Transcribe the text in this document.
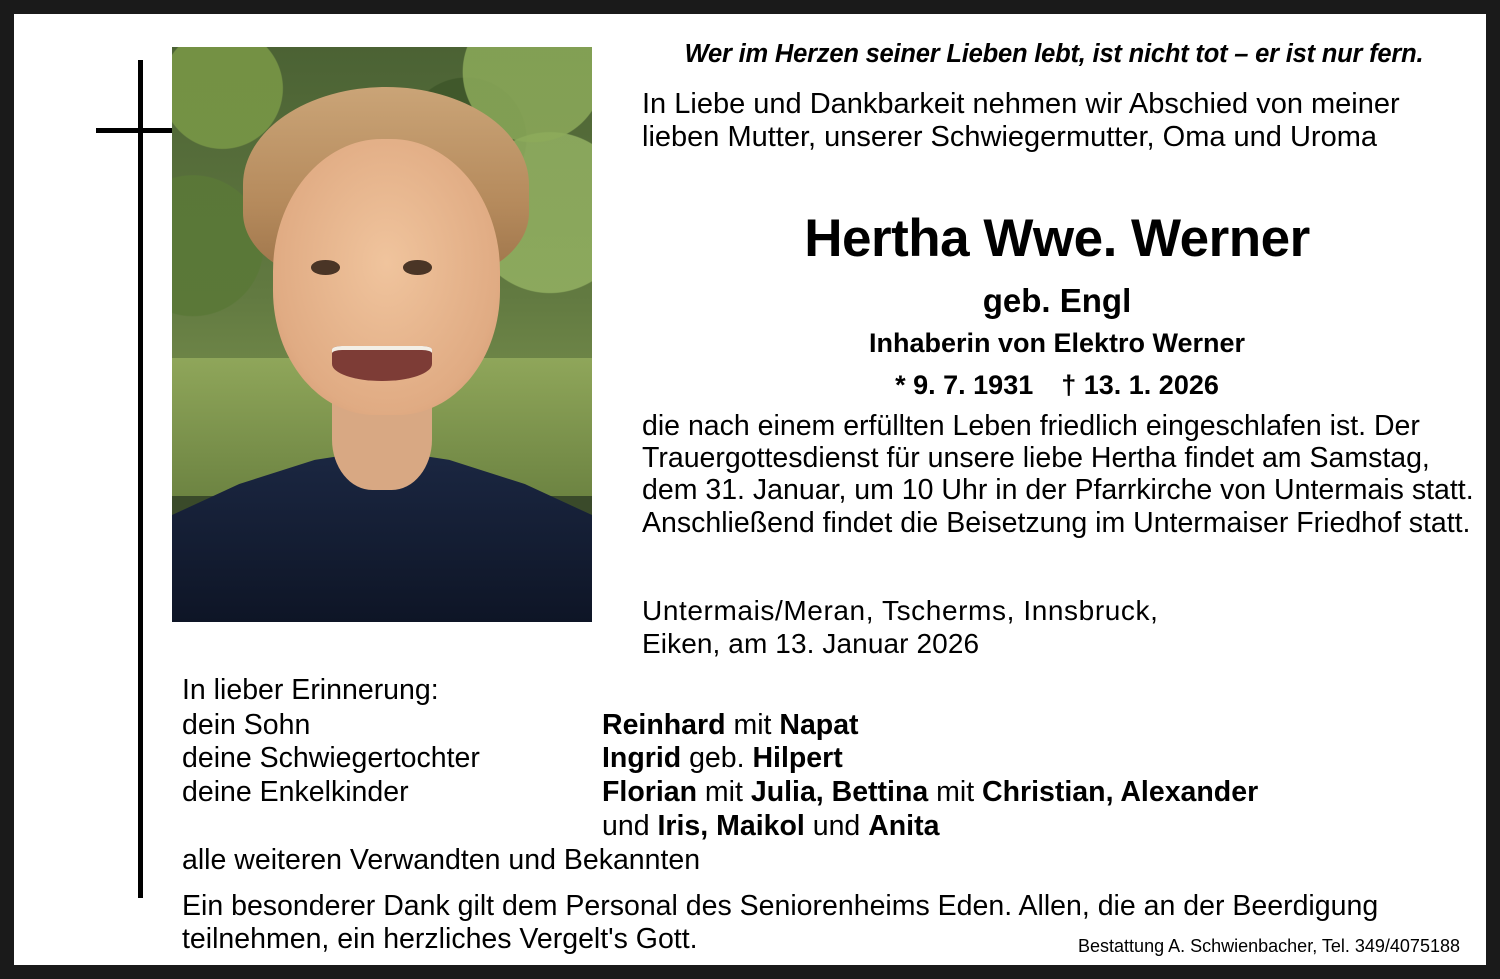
Wer im Herzen seiner Lieben lebt, ist nicht tot – er ist nur fern.
In Liebe und Dankbarkeit nehmen wir Abschied von meiner lieben Mutter, unserer Schwiegermutter, Oma und Uroma
Hertha Wwe. Werner
geb. Engl
Inhaberin von Elektro Werner
* 9. 7. 1931 † 13. 1. 2026
die nach einem erfüllten Leben friedlich eingeschlafen ist. Der Trauergottesdienst für unsere liebe Hertha findet am Samstag, dem 31. Januar, um 10 Uhr in der Pfarrkirche von Untermais statt. Anschließend findet die Beisetzung im Untermaiser Friedhof statt.
Untermais/Meran, Tscherms, Innsbruck,
Eiken, am 13. Januar 2026
In lieber Erinnerung:
dein Sohn	Reinhard mit Napat
deine Schwiegertochter	Ingrid geb. Hilpert
deine Enkelkinder	Florian mit Julia, Bettina mit Christian, Alexander
und Iris, Maikol und Anita
alle weiteren Verwandten und Bekannten
Ein besonderer Dank gilt dem Personal des Seniorenheims Eden. Allen, die an der Beerdigung teilnehmen, ein herzliches Vergelt's Gott.	Bestattung A. Schwienbacher, Tel. 349/4075188
